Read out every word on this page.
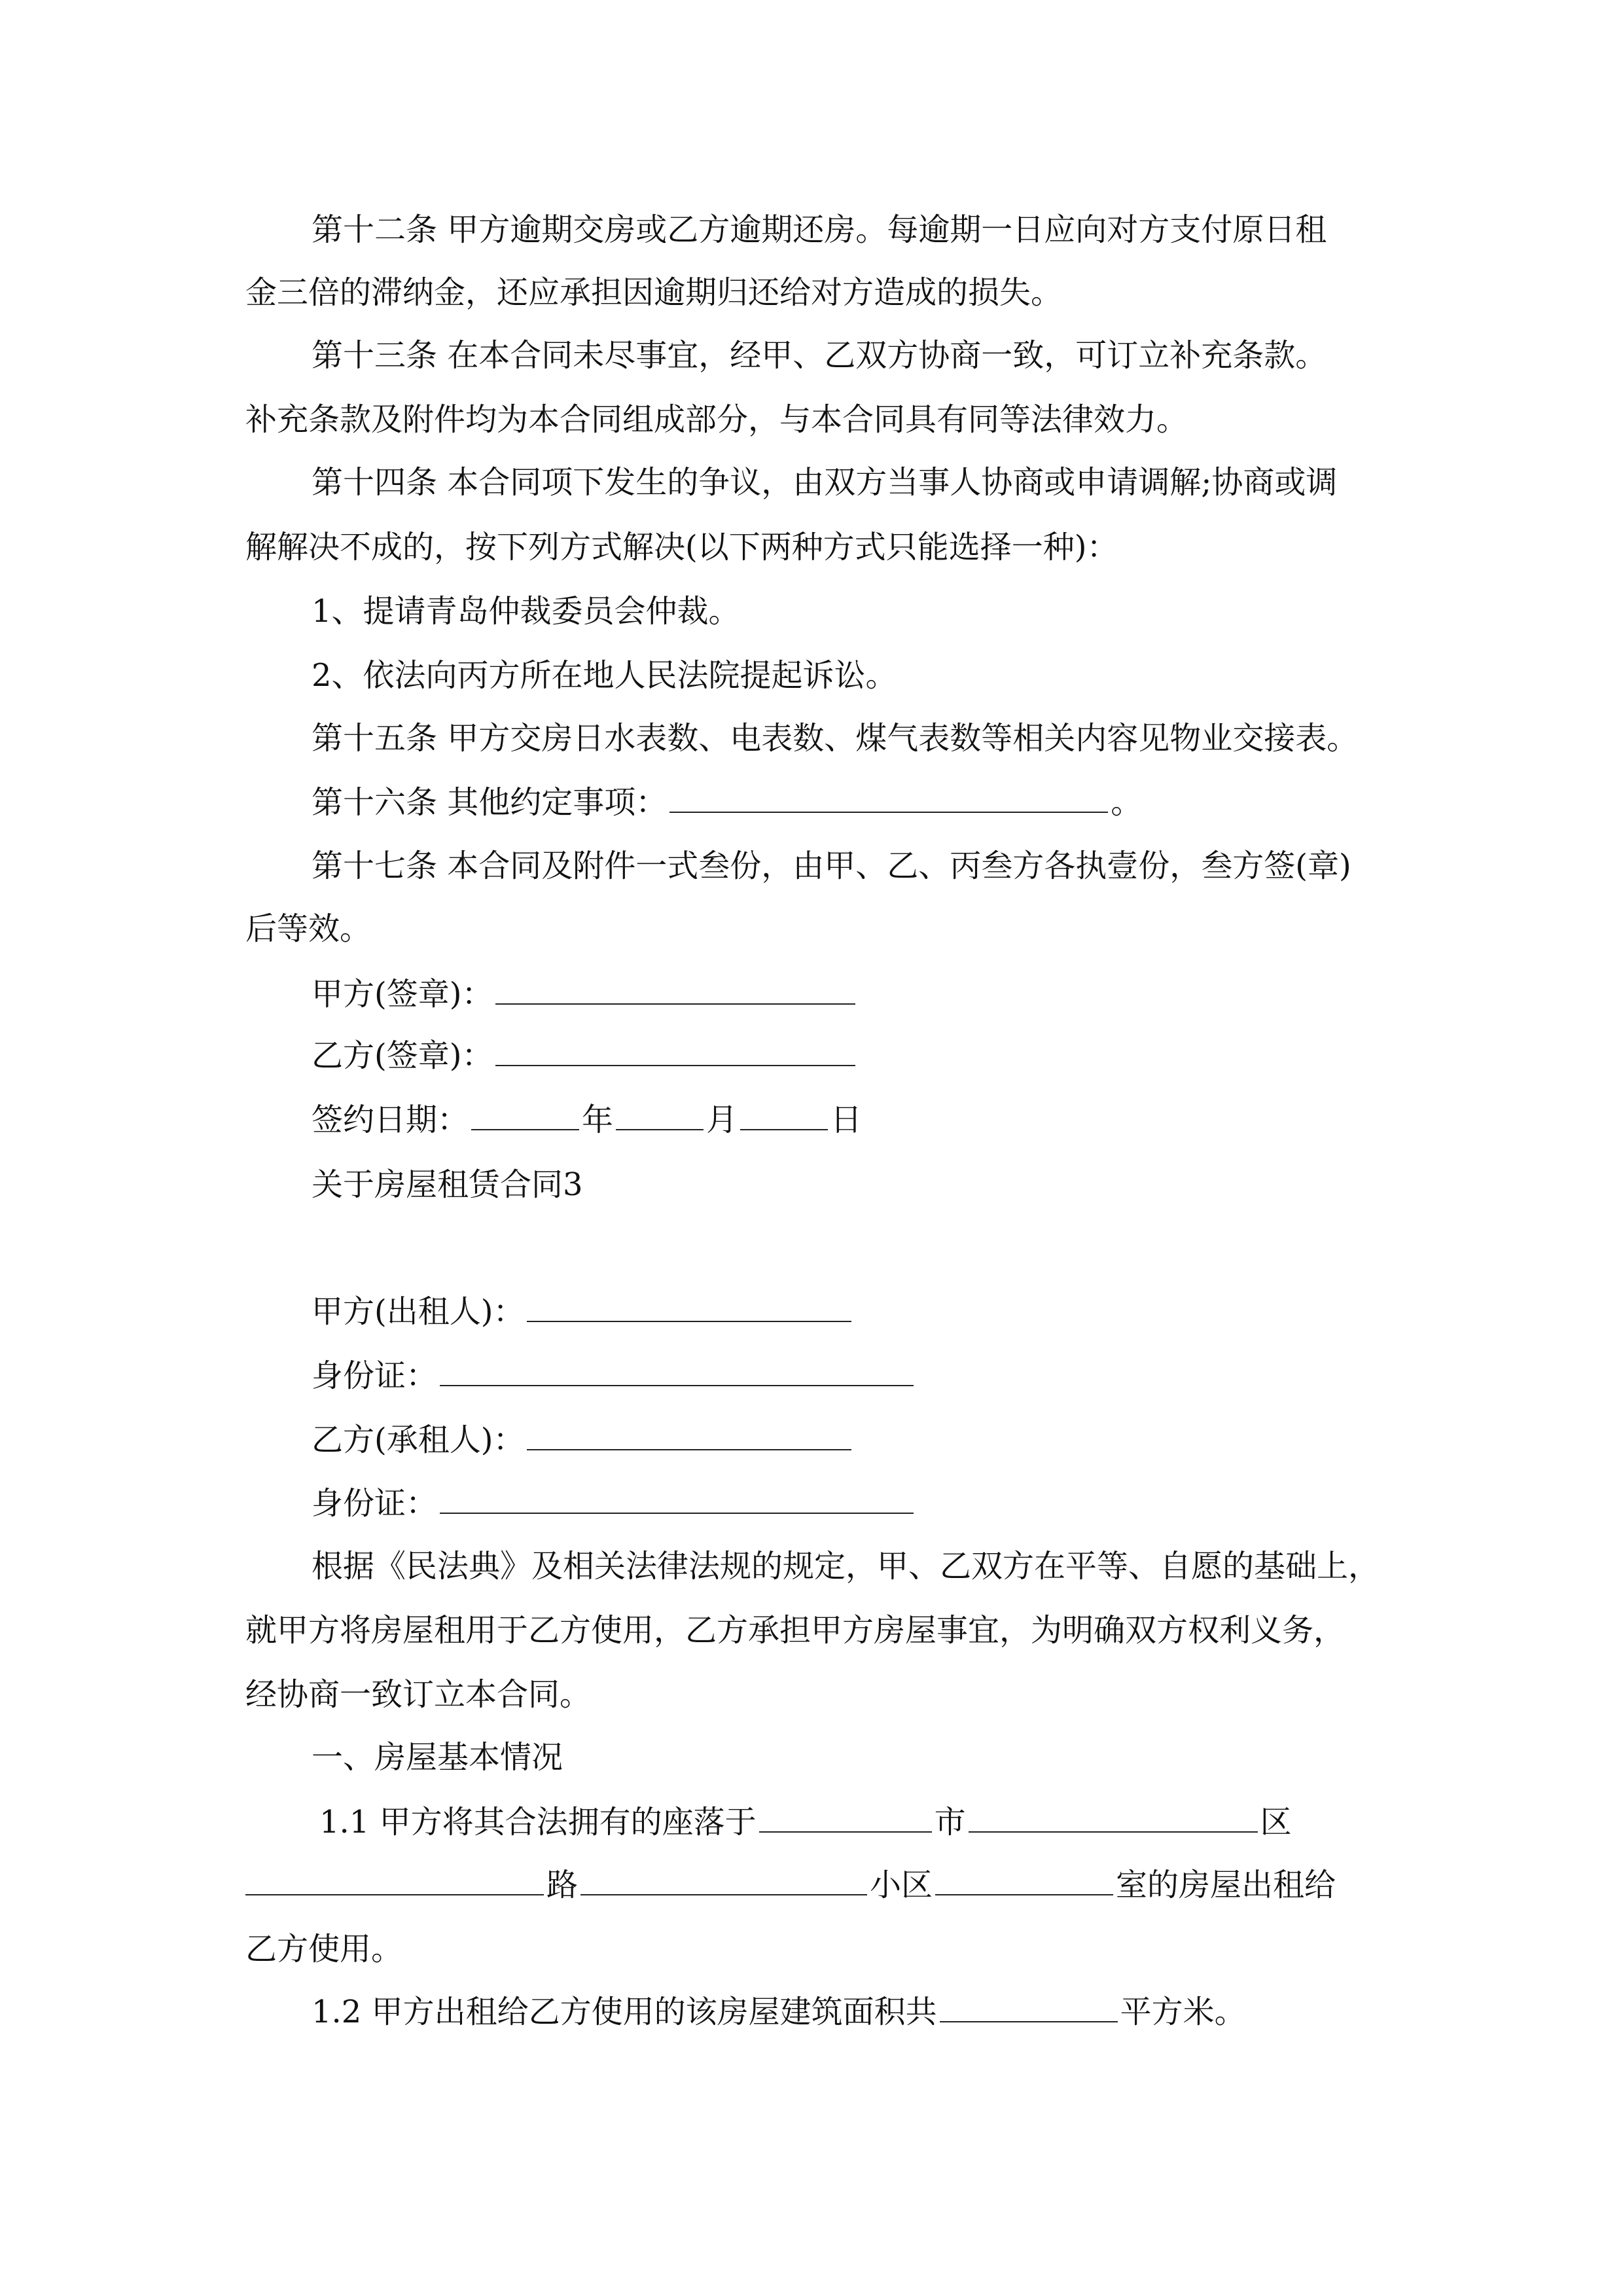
第十二条 甲方逾期交房或乙方逾期还房。每逾期一日应向对方支付原日租
金三倍的滞纳金，还应承担因逾期归还给对方造成的损失。
第十三条 在本合同未尽事宜，经甲、乙双方协商一致，可订立补充条款。
补充条款及附件均为本合同组成部分，与本合同具有同等法律效力。
第十四条 本合同项下发生的争议，由双方当事人协商或申请调解;协商或调
解解决不成的，按下列方式解决(以下两种方式只能选择一种)：
1、提请青岛仲裁委员会仲裁。
2、依法向丙方所在地人民法院提起诉讼。
第十五条 甲方交房日水表数、电表数、煤气表数等相关内容见物业交接表。
第十六条 其他约定事项：	。
第十七条 本合同及附件一式叁份，由甲、乙、丙叁方各执壹份，叁方签(章)
后等效。
甲方(签章)：
乙方(签章)：
签约日期：	年	月	日
关于房屋租赁合同3
甲方(出租人)：
身份证：
乙方(承租人)：
身份证：
根据《民法典》及相关法律法规的规定，甲、乙双方在平等、自愿的基础上，
就甲方将房屋租用于乙方使用，乙方承担甲方房屋事宜，为明确双方权利义务，
经协商一致订立本合同。
一、房屋基本情况
1.1 甲方将其合法拥有的座落于	市	区
路	小区	室的房屋出租给
乙方使用。
1.2 甲方出租给乙方使用的该房屋建筑面积共	平方米。
